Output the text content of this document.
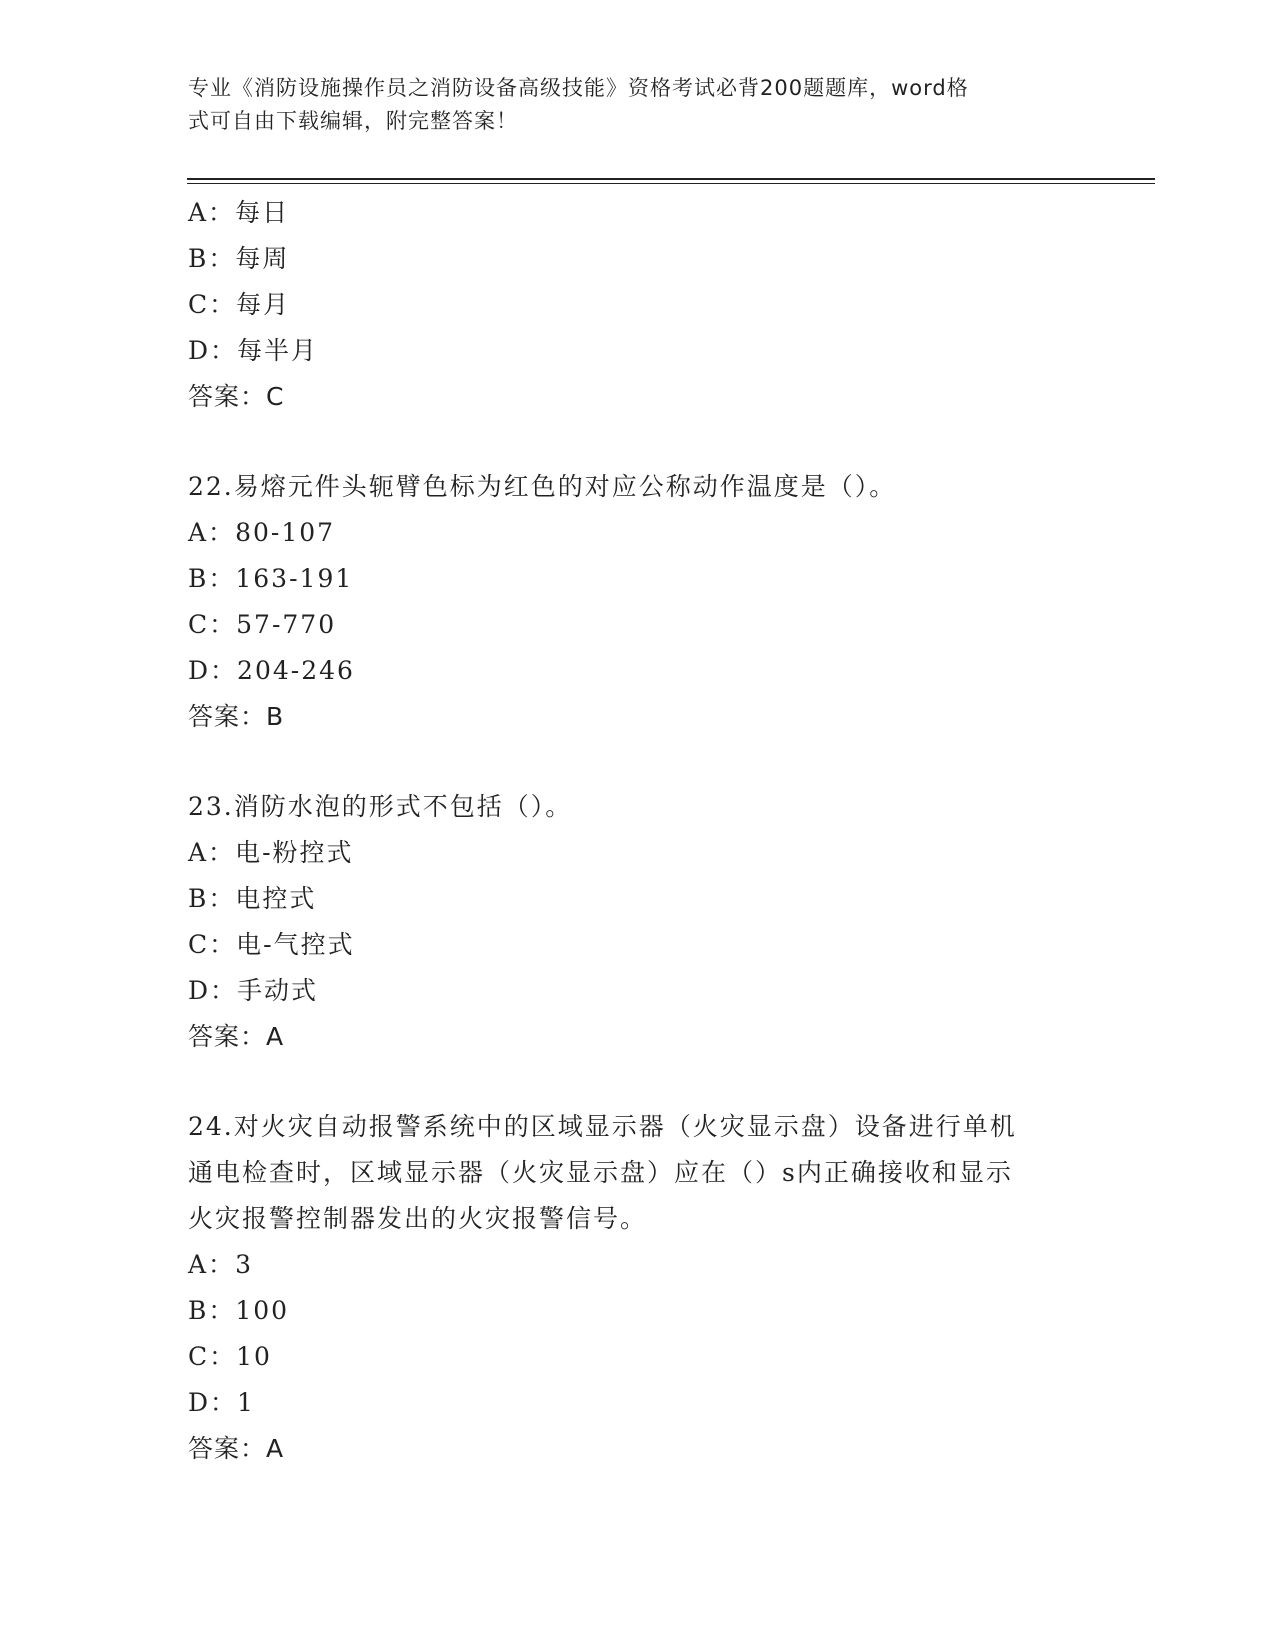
专业《消防设施操作员之消防设备高级技能》资格考试必背200题题库，word格
式可自由下载编辑，附完整答案！
A：每日
B：每周
C：每月
D：每半月
答案：C
22.易熔元件头轭臂色标为红色的对应公称动作温度是（）。
A：80-107
B：163-191
C：57-770
D：204-246
答案：B
23.消防水泡的形式不包括（）。
A：电-粉控式
B：电控式
C：电-气控式
D：手动式
答案：A
24.对火灾自动报警系统中的区域显示器（火灾显示盘）设备进行单机
通电检查时，区域显示器（火灾显示盘）应在（）s内正确接收和显示
火灾报警控制器发出的火灾报警信号。
A：3
B：100
C：10
D：1
答案：A
